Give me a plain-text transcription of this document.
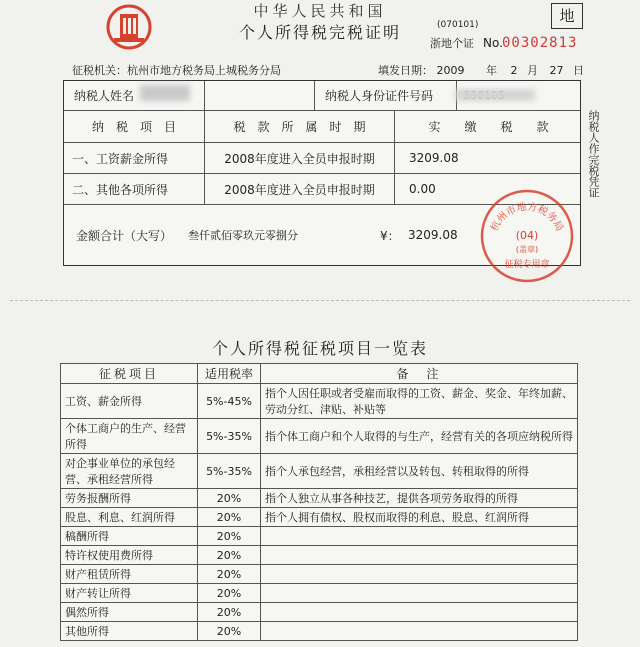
中华人民共和国
个人所得税完税证明	(070101)
浙地个证 No. 00302813
地
征税机关：杭州市地方税务局上城税务分局	填发日期： 2009 年 2 月 27 日
纳税人姓名	纳税人身份证件号码
纳　税　项　目	税　款　所　属　时　期	实　　缴　　税　　款
一、工资薪金所得	2008年度进入全员申报时期	3209.08
二、其他各项所得	2008年度进入全员申报时期	0.00
金额合计（大写）	叁仟贰佰零玖元零捌分	¥： 3209.08
纳税人作完税凭证
杭州市地方税务局
(04)
(盖章)
征税专用章
个人所得税征税项目一览表
征税项目	适用税率	备　注
工资、薪金所得	5%-45%	指个人因任职或者受雇而取得的工资、薪金、奖金、年终加薪、劳动分红、津贴、补贴等
个体工商户的生产、经营所得	5%-35%	指个体工商户和个人取得的与生产，经营有关的各项应纳税所得
对企事业单位的承包经营、承租经营所得	5%-35%	指个人承包经营，承租经营以及转包、转租取得的所得
劳务报酬所得	20%	指个人独立从事各种技艺，提供各项劳务取得的所得
股息、利息、红润所得	20%	指个人拥有债权、股权而取得的利息、股息、红润所得
稿酬所得	20%	
特许权使用费所得	20%	
财产租赁所得	20%	
财产转让所得	20%	
偶然所得	20%	
其他所得	20%	
